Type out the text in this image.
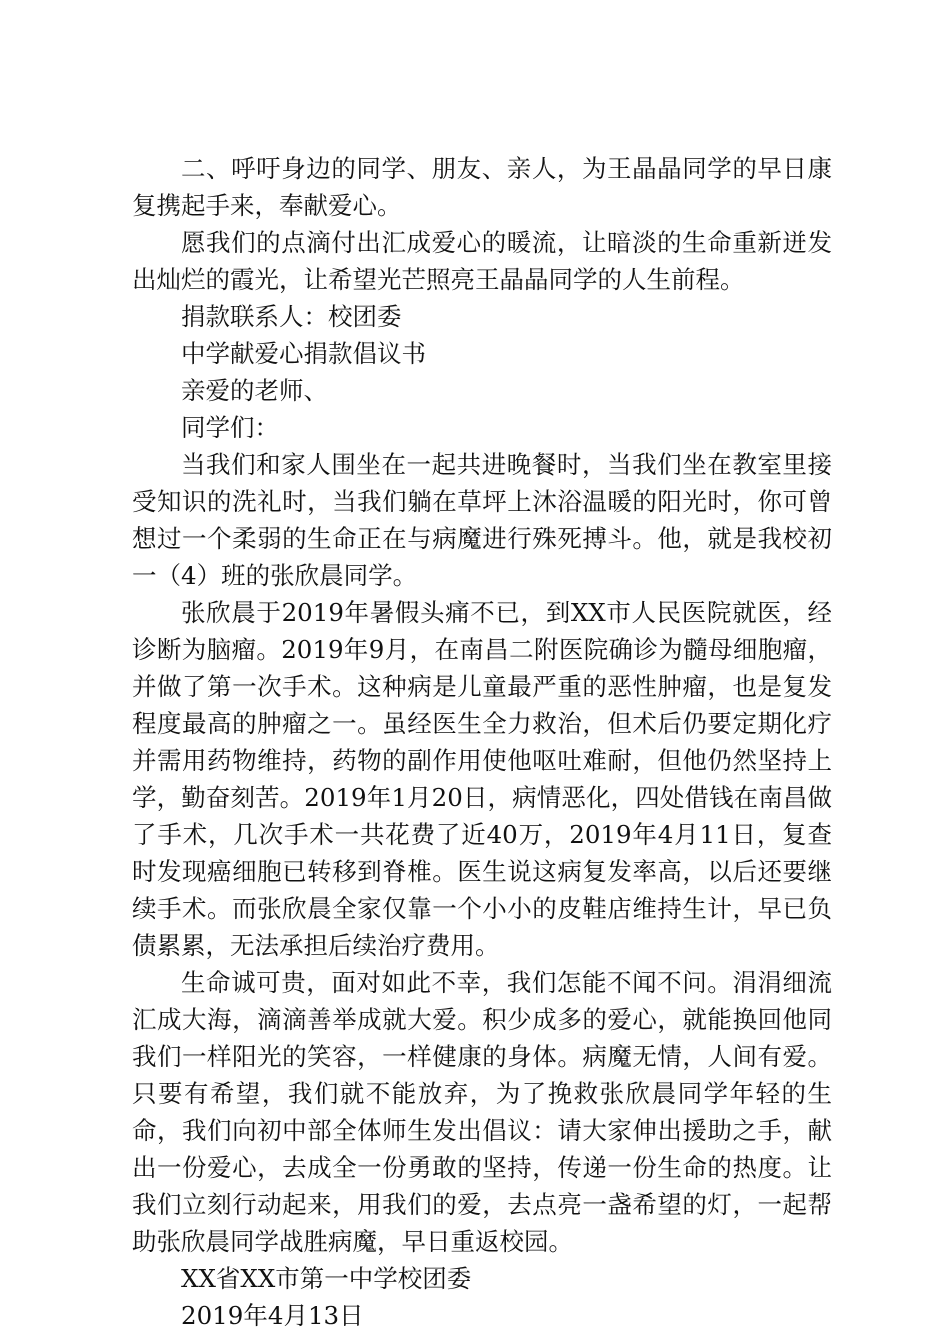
二、呼吁身边的同学、朋友、亲人，为王晶晶同学的早日康复携起手来，奉献爱心。

愿我们的点滴付出汇成爱心的暖流，让暗淡的生命重新迸发出灿烂的霞光，让希望光芒照亮王晶晶同学的人生前程。

捐款联系人：校团委

中学献爱心捐款倡议书

亲爱的老师、

同学们：

当我们和家人围坐在一起共进晚餐时，当我们坐在教室里接受知识的洗礼时，当我们躺在草坪上沐浴温暖的阳光时，你可曾想过一个柔弱的生命正在与病魔进行殊死搏斗。他，就是我校初一（4）班的张欣晨同学。

张欣晨于2019年暑假头痛不已，到XX市人民医院就医，经诊断为脑瘤。2019年9月，在南昌二附医院确诊为髓母细胞瘤，并做了第一次手术。这种病是儿童最严重的恶性肿瘤，也是复发程度最高的肿瘤之一。虽经医生全力救治，但术后仍要定期化疗并需用药物维持，药物的副作用使他呕吐难耐，但他仍然坚持上学，勤奋刻苦。2019年1月20日，病情恶化，四处借钱在南昌做了手术，几次手术一共花费了近40万，2019年4月11日，复查时发现癌细胞已转移到脊椎。医生说这病复发率高，以后还要继续手术。而张欣晨全家仅靠一个小小的皮鞋店维持生计，早已负债累累，无法承担后续治疗费用。

生命诚可贵，面对如此不幸，我们怎能不闻不问。涓涓细流汇成大海，滴滴善举成就大爱。积少成多的爱心，就能换回他同我们一样阳光的笑容，一样健康的身体。病魔无情，人间有爱。只要有希望，我们就不能放弃，为了挽救张欣晨同学年轻的生命，我们向初中部全体师生发出倡议：请大家伸出援助之手，献出一份爱心，去成全一份勇敢的坚持，传递一份生命的热度。让我们立刻行动起来，用我们的爱，去点亮一盏希望的灯，一起帮助张欣晨同学战胜病魔，早日重返校园。

XX省XX市第一中学校团委

2019年4月13日
